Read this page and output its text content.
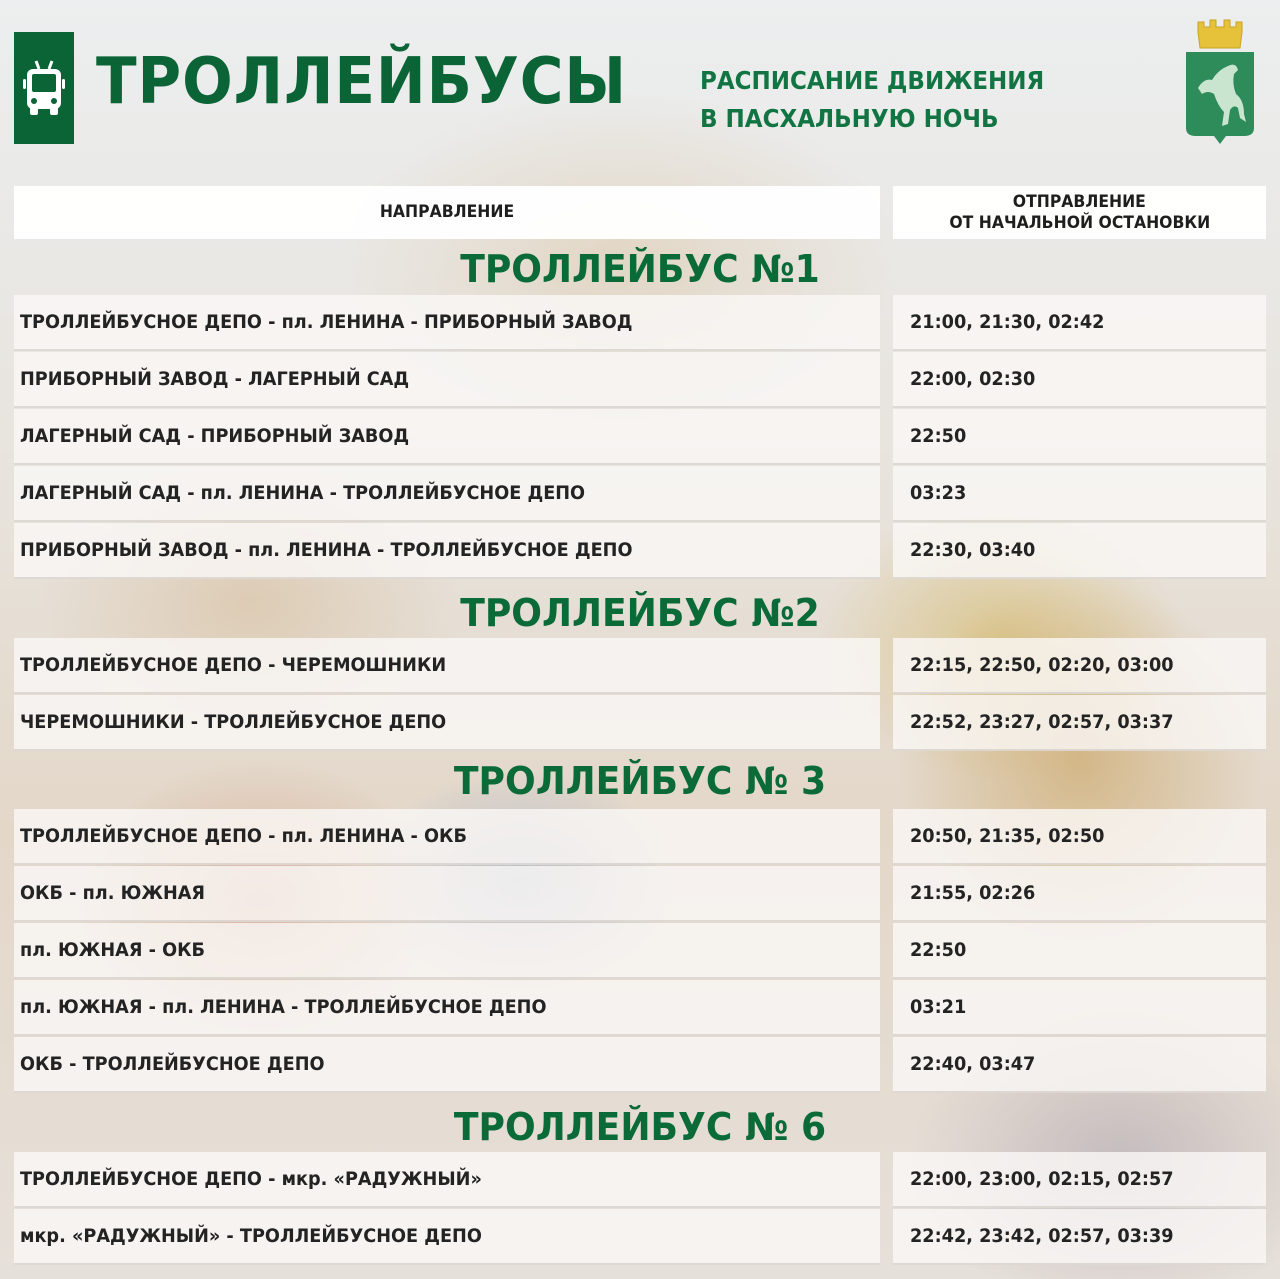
ТРОЛЛЕЙБУСЫ	РАСПИСАНИЕ ДВИЖЕНИЯ
В ПАСХАЛЬНУЮ НОЧЬ
НАПРАВЛЕНИЕ
ОТПРАВЛЕНИЕ
ОТ НАЧАЛЬНОЙ ОСТАНОВКИ
ТРОЛЛЕЙБУС №1
ТРОЛЛЕЙБУСНОЕ ДЕПО - пл. ЛЕНИНА - ПРИБОРНЫЙ ЗАВОД	21:00, 21:30, 02:42
ПРИБОРНЫЙ ЗАВОД - ЛАГЕРНЫЙ САД	22:00, 02:30
ЛАГЕРНЫЙ САД - ПРИБОРНЫЙ ЗАВОД	22:50
ЛАГЕРНЫЙ САД - пл. ЛЕНИНА - ТРОЛЛЕЙБУСНОЕ ДЕПО	03:23
ПРИБОРНЫЙ ЗАВОД - пл. ЛЕНИНА - ТРОЛЛЕЙБУСНОЕ ДЕПО	22:30, 03:40
ТРОЛЛЕЙБУС №2
ТРОЛЛЕЙБУСНОЕ ДЕПО - ЧЕРЕМОШНИКИ	22:15, 22:50, 02:20, 03:00
ЧЕРЕМОШНИКИ - ТРОЛЛЕЙБУСНОЕ ДЕПО	22:52, 23:27, 02:57, 03:37
ТРОЛЛЕЙБУС № 3
ТРОЛЛЕЙБУСНОЕ ДЕПО - пл. ЛЕНИНА - ОКБ	20:50, 21:35, 02:50
ОКБ - пл. ЮЖНАЯ	21:55, 02:26
пл. ЮЖНАЯ - ОКБ	22:50
пл. ЮЖНАЯ - пл. ЛЕНИНА - ТРОЛЛЕЙБУСНОЕ ДЕПО	03:21
ОКБ - ТРОЛЛЕЙБУСНОЕ ДЕПО	22:40, 03:47
ТРОЛЛЕЙБУС № 6
ТРОЛЛЕЙБУСНОЕ ДЕПО - мкр. «РАДУЖНЫЙ»	22:00, 23:00, 02:15, 02:57
мкр. «РАДУЖНЫЙ» - ТРОЛЛЕЙБУСНОЕ ДЕПО	22:42, 23:42, 02:57, 03:39
